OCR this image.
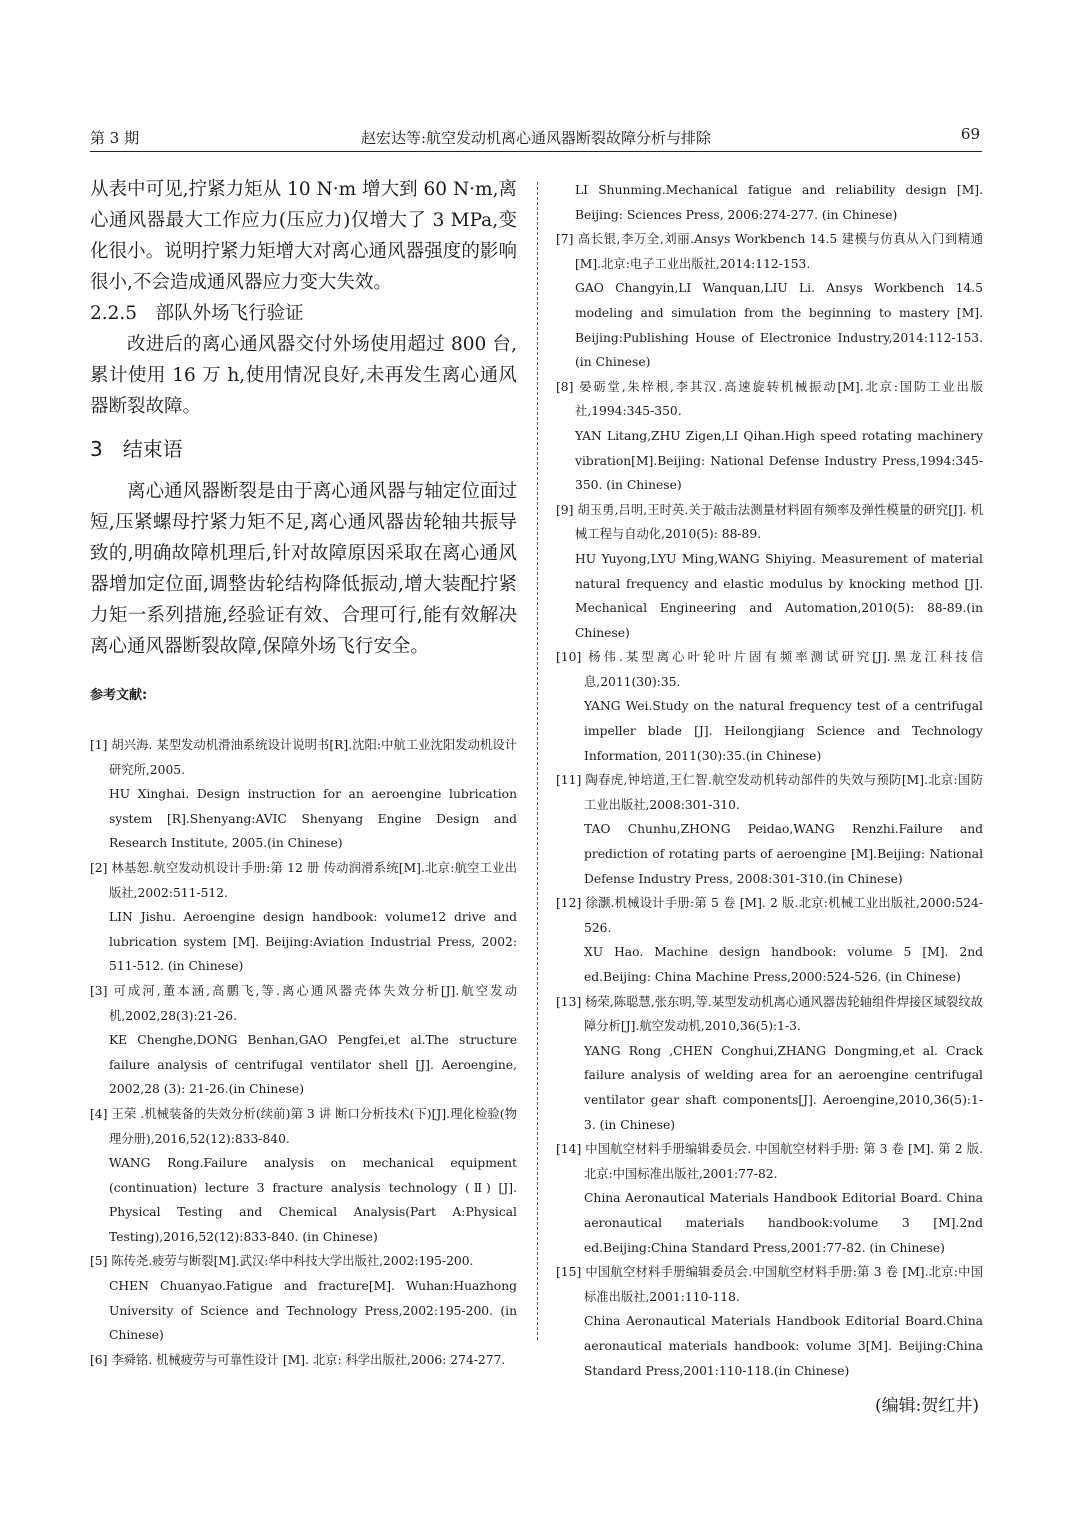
第 3 期	赵宏达等:航空发动机离心通风器断裂故障分析与排除	69

从表中可见,拧紧力矩从 10 N·m 增大到 60 N·m,离心通风器最大工作应力(压应力)仅增大了 3 MPa,变化很小。说明拧紧力矩增大对离心通风器强度的影响很小,不会造成通风器应力变大失效。

2.2.5　部队外场飞行验证

改进后的离心通风器交付外场使用超过 800 台,累计使用 16 万 h,使用情况良好,未再发生离心通风器断裂故障。

3　结束语

离心通风器断裂是由于离心通风器与轴定位面过短,压紧螺母拧紧力矩不足,离心通风器齿轮轴共振导致的,明确故障机理后,针对故障原因采取在离心通风器增加定位面,调整齿轮结构降低振动,增大装配拧紧力矩一系列措施,经验证有效、合理可行,能有效解决离心通风器断裂故障,保障外场飞行安全。

参考文献:
[1] 胡兴海. 某型发动机滑油系统设计说明书[R].沈阳:中航工业沈阳发动机设计研究所,2005.
HU Xinghai. Design instruction for an aeroengine lubrication system [R].Shenyang:AVIC Shenyang Engine Design and Research Institute, 2005.(in Chinese)
[2] 林基恕.航空发动机设计手册:第 12 册 传动润滑系统[M].北京:航空工业出版社,2002:511-512.
LIN Jishu. Aeroengine design handbook: volume12 drive and lubrication system [M]. Beijing:Aviation Industrial Press, 2002: 511-512. (in Chinese)
[3] 可成河,董本涵,高鹏飞,等.离心通风器壳体失效分析[J].航空发动机,2002,28(3):21-26.
KE Chenghe,DONG Benhan,GAO Pengfei,et al.The structure failure analysis of centrifugal ventilator shell [J]. Aeroengine, 2002,28 (3): 21-26.(in Chinese)
[4] 王荣 .机械装备的失效分析(续前)第 3 讲 断口分析技术(下)[J].理化检验(物理分册),2016,52(12):833-840.
WANG Rong.Failure analysis on mechanical equipment (continuation) lecture 3 fracture analysis technology (Ⅱ) [J]. Physical Testing and Chemical Analysis(Part A:Physical Testing),2016,52(12):833-840. (in Chinese)
[5] 陈传尧.疲劳与断裂[M].武汉:华中科技大学出版社,2002:195-200.
CHEN Chuanyao.Fatigue and fracture[M]. Wuhan:Huazhong University of Science and Technology Press,2002:195-200. (in Chinese)
[6] 李舜铭. 机械疲劳与可靠性设计 [M]. 北京: 科学出版社,2006: 274-277.
LI Shunming.Mechanical fatigue and reliability design [M]. Beijing: Sciences Press, 2006:274-277. (in Chinese)
[7] 高长银,李万全,刘丽.Ansys Workbench 14.5 建模与仿真从入门到精通[M].北京:电子工业出版社,2014:112-153.
GAO Changyin,LI Wanquan,LIU Li. Ansys Workbench 14.5 modeling and simulation from the beginning to mastery [M]. Beijing:Publishing House of Electronice Industry,2014:112-153. (in Chinese)
[8] 晏砺堂,朱梓根,李其汉.高速旋转机械振动[M].北京:国防工业出版社,1994:345-350.
YAN Litang,ZHU Zigen,LI Qihan.High speed rotating machinery vibration[M].Beijing: National Defense Industry Press,1994:345-350. (in Chinese)
[9] 胡玉勇,吕明,王时英.关于敲击法测量材料固有频率及弹性模量的研究[J]. 机械工程与自动化,2010(5): 88-89.
HU Yuyong,LYU Ming,WANG Shiying. Measurement of material natural frequency and elastic modulus by knocking method [J]. Mechanical Engineering and Automation,2010(5): 88-89.(in Chinese)
[10] 杨伟.某型离心叶轮叶片固有频率测试研究[J].黑龙江科技信息,2011(30):35.
YANG Wei.Study on the natural frequency test of a centrifugal impeller blade [J]. Heilongjiang Science and Technology Information, 2011(30):35.(in Chinese)
[11] 陶春虎,钟培道,王仁智.航空发动机转动部件的失效与预防[M].北京:国防工业出版社,2008:301-310.
TAO Chunhu,ZHONG Peidao,WANG Renzhi.Failure and prediction of rotating parts of aeroengine [M].Beijing: National Defense Industry Press, 2008:301-310.(in Chinese)
[12] 徐灏.机械设计手册:第 5 卷 [M]. 2 版.北京:机械工业出版社,2000:524-526.
XU Hao. Machine design handbook: volume 5 [M]. 2nd ed.Beijing: China Machine Press,2000:524-526. (in Chinese)
[13] 杨荣,陈聪慧,张东明,等.某型发动机离心通风器齿轮轴组件焊接区域裂纹故障分析[J].航空发动机,2010,36(5):1-3.
YANG Rong ,CHEN Conghui,ZHANG Dongming,et al. Crack failure analysis of welding area for an aeroengine centrifugal ventilator gear shaft components[J]. Aeroengine,2010,36(5):1-3. (in Chinese)
[14] 中国航空材料手册编辑委员会. 中国航空材料手册: 第 3 卷 [M]. 第 2 版.北京:中国标准出版社,2001:77-82.
China Aeronautical Materials Handbook Editorial Board. China aeronautical materials handbook:volume 3 [M].2nd ed.Beijing:China Standard Press,2001:77-82. (in Chinese)
[15] 中国航空材料手册编辑委员会.中国航空材料手册:第 3 卷 [M].北京:中国标准出版社,2001:110-118.
China Aeronautical Materials Handbook Editorial Board.China aeronautical materials handbook: volume 3[M]. Beijing:China Standard Press,2001:110-118.(in Chinese)
(编辑:贺红井)
